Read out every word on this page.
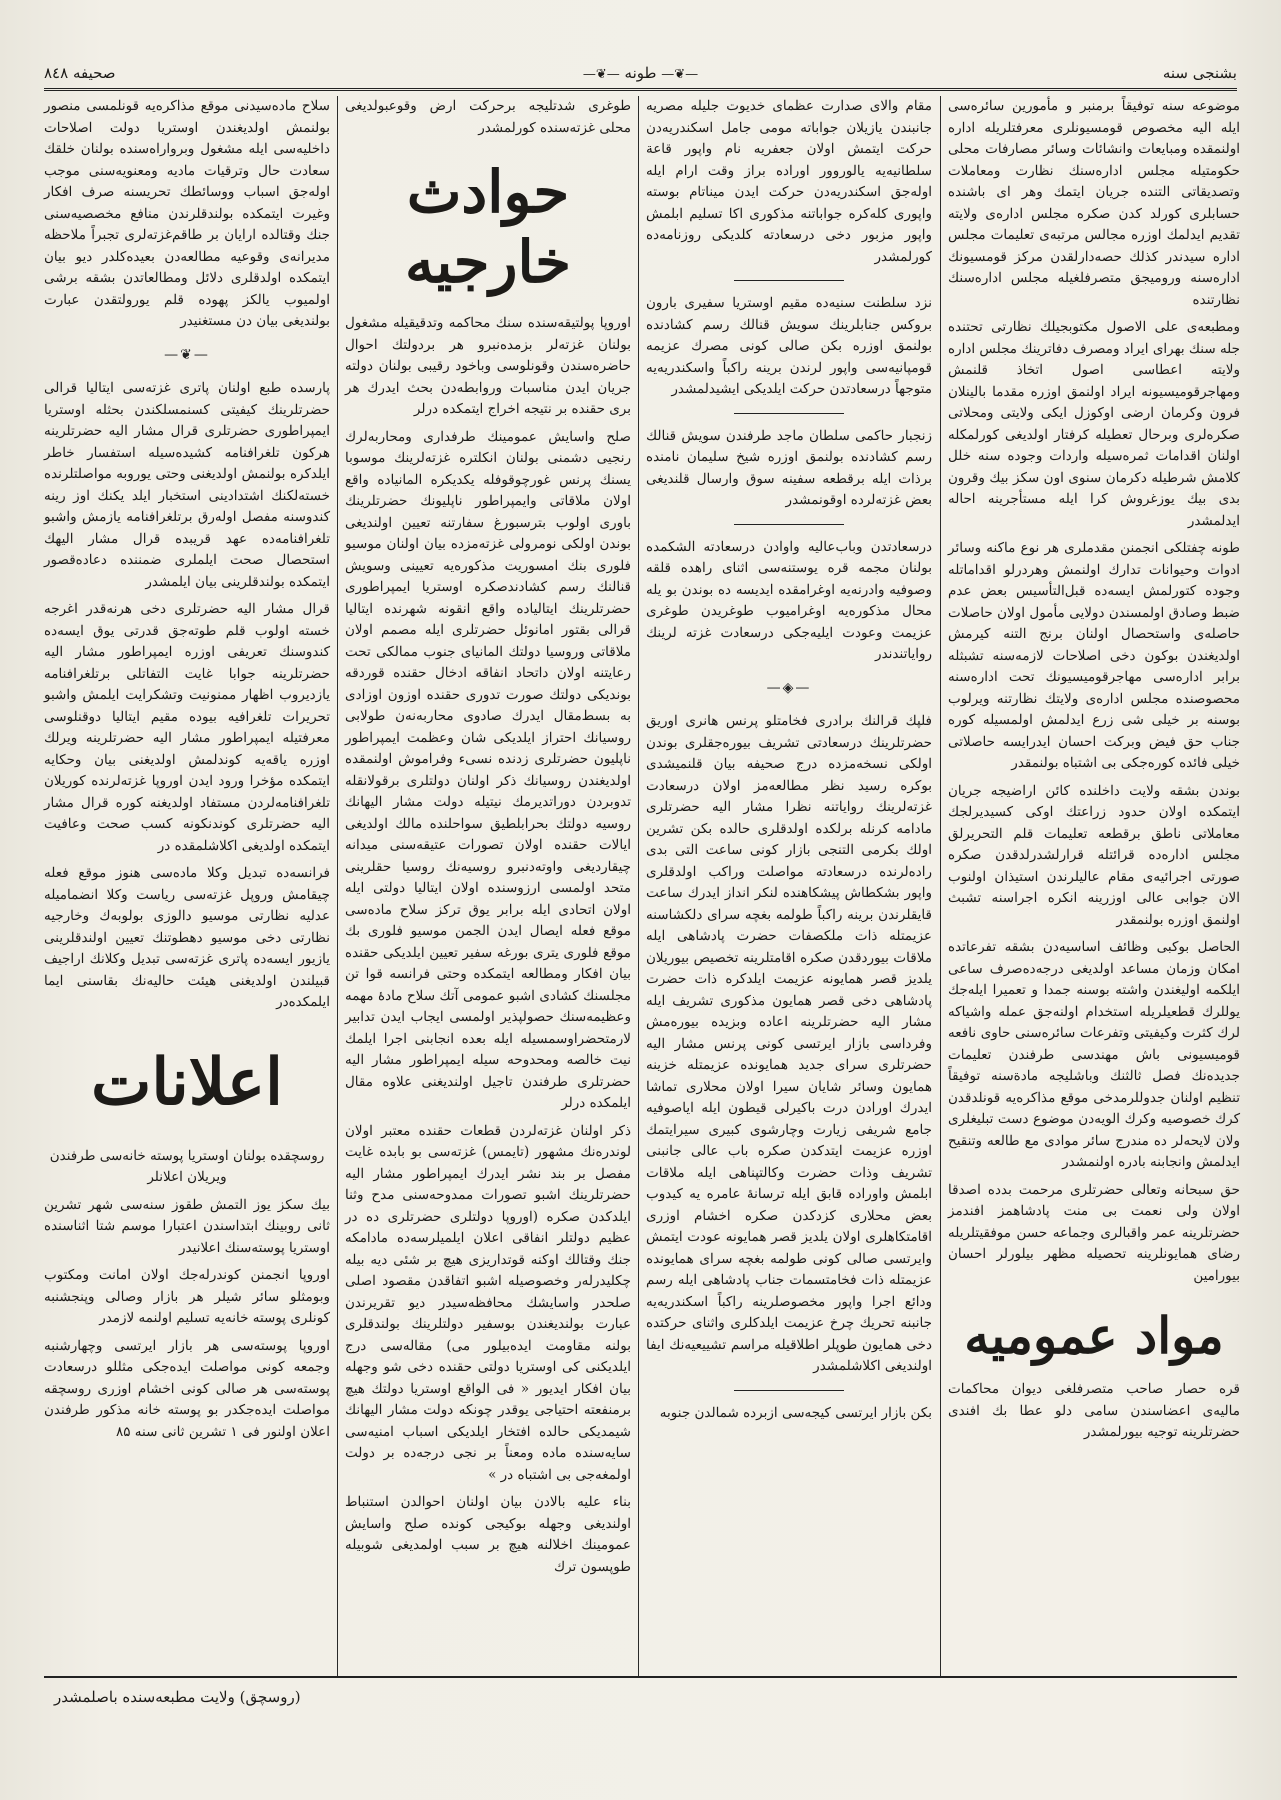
بشنجی سنه
—❦— طونه —❦—
صحیفه ۸٤۸

موضوعه سنه توفیقاً برمنبر و مأمورین سائره‌سی ایله الیه مخصوص قومسیونلری معرفتلریله اداره اولنمقده ومبایعات وانشائات وسائر مصارفات محلی حکومتیله مجلس اداره‌سنك نظارت ومعاملات وتصدیقاتی التنده جریان ایتمك وهر ای باشنده حسابلری کورلد کدن صکره مجلس اداره‌ی ولایته تقدیم ایدلمك اوزره مجالس مرتبه‌ی تعلیمات مجلس اداره سیدندر کذلك حصه‌دارلقدن مرکز قومسیونك اداره‌سنه ورومیجق متصرفلغیله مجلس اداره‌سنك نظارتنده

ومطبعه‌ی على الاصول مکتوبجیلك نظارتی تحتنده جله سنك بهرای ایراد ومصرف دفاترینك مجلس اداره ولایته اعطاسی اصول اتخاذ قلنمش ومهاجرقومیسیونه ایراد اولنمق اوزره مقدما بالینلان فرون وکرمان ارضی اوکوزل ایکی ولایتی ومحلاتی صکره‌لری وبرحال تعطیله کرفتار اولدیغی کورلمکله اولنان اقدامات ثمره‌سیله واردات وجوده سنه خلل کلامش شرطیله دکرمان سنوی اون سکز بیك وقرون بدی بیك یوزغروش کرا ایله مستأجرینه احاله ایدلمشدر

طونه چفتلکی انجمنن مقدملری هر نوع ماکنه وسائر ادوات وحیوانات تدارك اولنمش وهردرلو اقداماتله وجوده کتورلمش ایسه‌ده قبل‌التأسیس بعض عدم ضبط وصادق اولمسندن دولایی مأمول اولان حاصلات حاصله‌ی واستحصال اولنان برنج التنه کیرمش اولدیغندن بوکون دخی اصلاحات لازمه‌سنه تشبثله برابر اداره‌سی مهاجرقومیسیونك تحت اداره‌سنه محصوصنده مجلس اداره‌ی ولایتك نظارتنه ویرلوب بوسنه بر خیلی شی زرع ایدلمش اولمسیله کوره جناب حق فیض وبرکت احسان ایدرایسه حاصلاتی خیلی فائده کوره‌جکی بی اشتباه بولنمقدر

بوندن بشقه ولایت داخلنده کائن اراضیجه جریان ایتمکده اولان حدود زراعتك اوکی کسیدیرلجك معاملاتی ناطق برقطعه تعلیمات قلم التحریرلق مجلس اداره‌ده قرائتله قرارلشدرلدقدن صکره صورتی اجرائیه‌ی مقام عالیلرندن استیذان اولنوب الان جوابی عالی اوزرینه انکره اجراسنه تشبث اولنمق اوزره بولنمقدر

الحاصل بوکبی وظائف اساسیه‌دن بشقه تفرعاتده امکان وزمان مساعد اولدیغی درجه‌ده‌صرف ساعی ایلکمه اولیغندن واشته بوسنه جمدا و تعمیرا ایله‌جك یوللرك قطعیلریله استخدام اولنه‌جق عمله واشیاکه لرك کثرت وکیفیتی وتفرعات سائره‌سنی حاوی نافعه قومیسیونی باش مهندسی طرفندن تعلیمات جدیده‌نك فصل ثالثنك وباشلیجه مادة‌سنه توفیقاً تنظیم اولنان جدوللرمدخی موقع مذاکره‌یه قونلدقدن کرك خصوصیه وکرك الویه‌دن موضوع دست تبلیغلری ولان لایحه‌لر ده مندرج سائر موادی مع طالعه وتنقیح ایدلمش وانجابنه بادره اولنمشدر

حق سبحانه وتعالی حضرتلری مرحمت بدده اصدقا اولان ولی نعمت بی منت پادشاهمز افندمز حضرتلرینه عمر واقبالری وجماعه حسن موفقیتلریله رضای همایونلرینه تحصیله مظهر بیلورلر احسان بیورامین

مواد عمومیه

قره حصار صاحب متصرفلغی دیوان محاکمات مالیه‌ی اعضاسندن سامی دلو عطا بك افندی حضرتلرینه توجیه بیورلمشدر

مقام والای صدارت عظمای خدیوت جلیله مصریه جانبندن یازیلان جواباته مومی جامل اسکندریه‌دن حرکت ایتمش اولان جعفریه نام واپور قاعة سلطانیه‌یه یالوروور اوراده براز وقت ارام ایله اوله‌جق اسکندریه‌دن حرکت ایدن میناتام بوسته واپوری کله‌کره جواباتنه مذکوری اکا تسلیم ابلمش واپور مزبور دخی درسعادته کلدیکی روزنامه‌ده کورلمشدر

نزد سلطنت سنیه‌ده مقیم اوستریا سفیری بارون بروکس جنابلرینك سویش قنالك رسم کشادنده بولنمق اوزره بکن صالی کونی مصرك عزیمه قومپانیه‌سی واپور لرندن برینه راکباً واسکندریه‌یه متوجهاً درسعادتدن حرکت ایلدیکی ایشیدلمشدر

زنجبار حاکمی سلطان ماجد طرفندن سویش قنالك رسم کشادنده بولنمق اوزره شیخ سلیمان نامنده برذات ایله برقطعه سفینه سوق وارسال قلندیغی بعض غزته‌لرده اوقونمشدر

درسعادتدن وباب‌عالیه واوادن درسعادته الشکمده بولنان مجمه قره یوستنه‌سی اثنای راهده قلقه وصوفیه وادرنه‌یه اوغرامقده ایدیسه ده بوندن بو یله محال مذکوره‌یه اوغرامیوب طوغریدن طوغری عزیمت وعودت ایلیه‌جکی درسعادت غزته لرینك روایاتندندر

—◈—

فلپك قرالنك برادری فخامتلو پرنس هانری اوریق حضرتلرینك درسعادتی تشریف بیوره‌جقلری بوندن اولکی نسخه‌مزده درج صحیفه بیان قلنمیشدی بوکره رسید نظر مطالعه‌مز اولان درسعادت غزته‌لرینك روایاتنه نظرا مشار الیه حضرتلری مادامه کرنله برلکده اولدقلری حالده بکن تشرین اولك بکرمی التنجی بازار کونی ساعت التی بدی راده‌لرنده درسعادته مواصلت وراکب اولدقلری واپور بشکطاش پیشکاهنده لنکر انداز ایدرك ساعت قایقلرندن برینه راکباً طولمه بغچه سرای دلکشاسنه عزیمتله ذات ملکصفات حضرت پادشاهی ایله ملاقات بیوردقدن صکره اقامتلرینه تخصیص بیوریلان یلدیز قصر همایونه عزیمت ایلدکره ذات حضرت پادشاهی دخی قصر همایون مذکوری تشریف ایله مشار الیه حضرتلرینه اعاده وبزیده بیوره‌مش وفرداسی بازار ایرتسی کونی پرنس مشار الیه حضرتلری سرای جدید همایونده عزیمتله خزینه همایون وسائر شایان سیرا اولان محلاری تماشا ایدرك اورادن درت باکیرلی قیطون ایله ایاصوفیه جامع شریفی زیارت وچارشوی کبیری سیرایتمك اوزره عزیمت ایتدکدن صکره باب عالی جانبنی تشریف وذات حضرت وکالتپناهی ایله ملاقات ابلمش واوراده قابق ایله ترسانهٔ عامره یه کیدوب بعض محلاری کزدکدن صکره اخشام اوزری اقامتکاهلری اولان یلدیز قصر همایونه عودت ایتمش وایرتسی صالی کونی طولمه بغچه سرای همایونده عزیمتله ذات فخامتسمات جناب پادشاهی ایله رسم ودائع اجرا واپور مخصوصلرینه راکباً اسکندریه‌یه جانبنه تحریك چرخ عزیمت ایلدکلری واثنای حرکتده دخی همایون طوپلر اطلاقیله مراسم تشییعیه‌نك ایفا اولندیغی اکلاشلمشدر

بکن بازار ایرتسی کیجه‌سی ازبرده شمالدن جنوبه

طوغری شدتلیجه برحرکت ارض وقوعبولدیغی محلی غزته‌سنده کورلمشدر

حوادث خارجیه

اوروپا پولتیقه‌سنده سنك محاکمه وتدقیقیله مشغول بولنان غزته‌لر بزمده‌نبرو هر بردولتك احوال حاضره‌سندن وقونلوسی وباخود رقیبی بولنان دولته جریان ایدن مناسبات وروابطه‌دن بحث ایدرك هر بری حقنده بر نتیجه اخراج ایتمکده درلر

صلح واسایش عمومینك طرفداری ومحاربه‌لرك رنجیی دشمنی بولنان انکلتره غزته‌لرینك موسوبا یسنك پرنس غورچوقوفله یکدیکره المانیاده واقع اولان ملاقاتی وایمپراطور ناپلیونك حضرتلرینك باوری اولوب بترسبورغ سفارتنه تعیین اولندیغی بوندن اولکی نومرولی غزته‌مزده بیان اولنان موسیو فلوری بنك امسوریت مذکوره‌یه تعیینی وسویش قنالنك رسم کشادندصکره اوستریا ایمپراطوری حضرتلرینك ایتالیاده واقع انقونه شهرنده ایتالیا قرالی بقتور امانوئل حضرتلری ایله مصمم اولان ملاقاتی وروسیا دولتك المانیای جنوب ممالکی تحت رعایتنه اولان داتحاد انفاقه ادخال حقنده قوردقه بوندیکی دولتك صورت تدوری حقنده اوزون اوزادی به بسط‌مقال ایدرك صادوی محاربه‌نه‌ن طولابی روسیانك احتراز ایلدیکی شان وعظمت ایمپراطور ناپلیون حضرتلری زدنده نسیء وفراموش اولنمقده اولدیغندن روسیانك ذکر اولنان دولتلری برقولانقله تدوبردن دوراتدیرمك نیتیله دولت مشار الیهانك روسیه دولتك بحرابلطیق سواحلنده مالك اولدیغی ایالات حقنده اولان تصورات عتیقه‌سنی میدانه چیقاردیغی واوته‌دنبرو روسیه‌نك روسیا حقلرینی متحد اولمسی ارزوسنده اولان ایتالیا دولتی ایله اولان اتحادی ایله برابر یوق ترکز سلاح ماده‌سی موقع فعله ایصال ایدن الجمن موسیو فلوری بك موقع فلوری یتری بورغه سفیر تعیین ایلدیکی حقنده بیان افکار ومطالعه ایتمکده وحتی فرانسه قوا تن مجلسنك کشادی اشبو عمومی آتك سلاح مادهٔ ‌مهمه وعظیمه‌سنك حصولپذیر اولمسی ایجاب ایدن تدابیر لارمتحضراوسمسیله ایله بعده انجابنی اجرا ایلمك نیت خالصه ومحدوحه سیله ایمپراطور مشار الیه حضرتلری طرفندن تاجیل اولندیغنی علاوه مقال ایلمکده درلر

ذکر اولنان غزته‌لردن قطعات حقنده معتبر اولان لوندره‌نك مشهور (تایمس) غزته‌سی بو بابده غایت مفصل بر بند نشر ایدرك ایمپراطور مشار الیه حضرتلرینك اشبو تصورات ممدوحه‌سنی مدح وثنا ایلدکدن صکره (اوروپا دولتلری حضرتلری ده در عظیم دولتلر انفاقی اعلان ایلمیلرسه‌ده مادامکه جنك وقتالك اوکنه قوتداریزی هیچ بر شئی دیه بیله چکلیدرله‌ر وخصوصیله اشبو اتفاقدن مقصود اصلی صلحدر واسایشك محافظه‌سیدر دیو تقریرندن عبارت بولندیغندن بوسفیر دولتلرینك بولندقلری بولنه مقاومت ایده‌بیلور می) مقاله‌سی درج ایلدیکنی کی اوستریا دولتی حقنده دخی شو وجهله بیان افکار ایدیور « فی الواقع اوستریا دولتك هیچ برمنفعته احتیاجی یوقدر چونکه دولت مشار الیهانك شیمدیکی حالده افتخار ایلدیکی اسباب امنیه‌سی سایه‌سنده ماده ومعناً بر نجی درجه‌ده بر دولت اولمغه‌جی بی اشتباه در »

بناء علیه بالادن بیان اولنان احوالدن استنباط اولندیغی وجهله بوکیجی کونده صلح واسایش عمومینك اخلالنه هیچ بر سبب اولمدیغی شوبیله طوپسون ترك

سلاح ماده‌سیدنی موقع مذاکره‌یه قونلمسی منصور بولنمش اولدیغندن اوستریا دولت اصلاحات داخلیه‌سی ایله مشغول وبرواراه‌سنده بولنان خلقك سعادت حال وترقیات مادیه ومعنویه‌سنی موجب اوله‌جق اسباب ووسائطك تحریسنه صرف افکار وغیرت ایتمکده بولندقلرندن منافع مخصصیه‌سنی جنك وقتالده ارایان بر طاقم‌غزته‌لری تجبراً ملاحظه مدیرانه‌ی وقوعیه مطالعه‌دن بعیده‌کلدر دیو بیان ایتمکده اولدقلری دلائل ومطالعاتدن بشقه برشی اولمیوب یالکز پهوده قلم یورولتقدن عبارت بولندیغی بیان دن مستغنیدر

—❦—

پارسده طبع اولنان پاتری غزته‌سی ایتالیا قرالی حضرتلرینك کیفیتی کسنمسلکندن بحثله اوستریا ایمپراطوری حضرتلری قرال مشار الیه حضرتلرینه هرکون تلغرافنامه کشیده‌سیله استفسار خاطر ایلدکره بولنمش اولدیغنی وحتی یوروبه مواصلتلرنده خسته‌لکنك اشتدادینی استخبار ایلد یکنك اوز رینه کندوسنه مفصل اوله‌رق برتلغرافنامه یازمش واشبو تلغرافنامه‌ده عهد قریبده قرال مشار الیهك استحصال صحت ایلملری ضمننده دعاده‌قصور ایتمکده بولندقلرینی بیان ایلمشدر

قرال مشار الیه حضرتلری دخی هرنه‌قدر اغرجه خسته اولوب قلم طوته‌جق قدرتی یوق ایسه‌ده کندوسنك تعریفی اوزره ایمپراطور مشار الیه حضرتلرینه جوابا غایت التفاتلی برتلغرافنامه یازدیروب اظهار ممنونیت وتشکرایت ایلمش واشبو تحریرات تلغرافیه بیوده مقیم ایتالیا دوقنلوسی معرفتیله ایمپراطور مشار الیه حضرتلرینه ویرلك اوزره یاقه‌یه کوندلمش اولدیغنی بیان وحکایه ایتمکده مؤخرا ورود ایدن اوروپا غزته‌لرنده کوریلان تلغرافنامه‌لردن مستفاد اولدیغنه کوره قرال مشار الیه حضرتلری کوندنکونه کسب صحت وعافیت ایتمکده اولدیغی اکلاشلمقده در

فرانسه‌ده تبدیل وکلا ماده‌سی هنوز موقع فعله چیقامش وروپل غزته‌سی ریاست وکلا انضمامیله عدلیه نظارتی موسیو دالوزی بولوبه‌ك وخارجیه نظارتی دخی موسیو دهطوتنك تعیین اولندقلرینی یازیور ایسه‌ده پاتری غزته‌سی تبدیل وکلانك اراجیف قبیلندن اولدیغنی هیئت حالیه‌نك بقاسنی ایما ایلمکده‌در

اعلانات

روسچقده بولنان اوستریا پوسته خانه‌سی طرفندن ویریلان اعلانلر

بیك سكز یوز التمش طقوز سنه‌سی شهر تشرین ثانی روبینك ابتداسندن اعتبارا موسم شتا اثناسنده اوستریا پوسته‌سنك اعلانیدر

اوروپا انجمنن کوندرله‌جك اولان امانت ومکتوب وبومثلو سائر شیلر هر بازار وصالی وپنجشنبه کونلری پوسته خانه‌یه تسلیم اولنمه لازمدر

اوروپا پوسته‌سی هر بازار ایرتسی وچهارشنبه وجمعه کونی مواصلت ایده‌جکی مثللو درسعادت پوسته‌سی هر صالی کونی اخشام اوزری روسچقه مواصلت ایده‌جکدر بو پوسته خانه مذکور طرفندن اعلان اولنور فی ۱ تشرین ثانی سنه ۸۵

(روسچق) ولایت مطبعه‌سنده باصلمشدر
